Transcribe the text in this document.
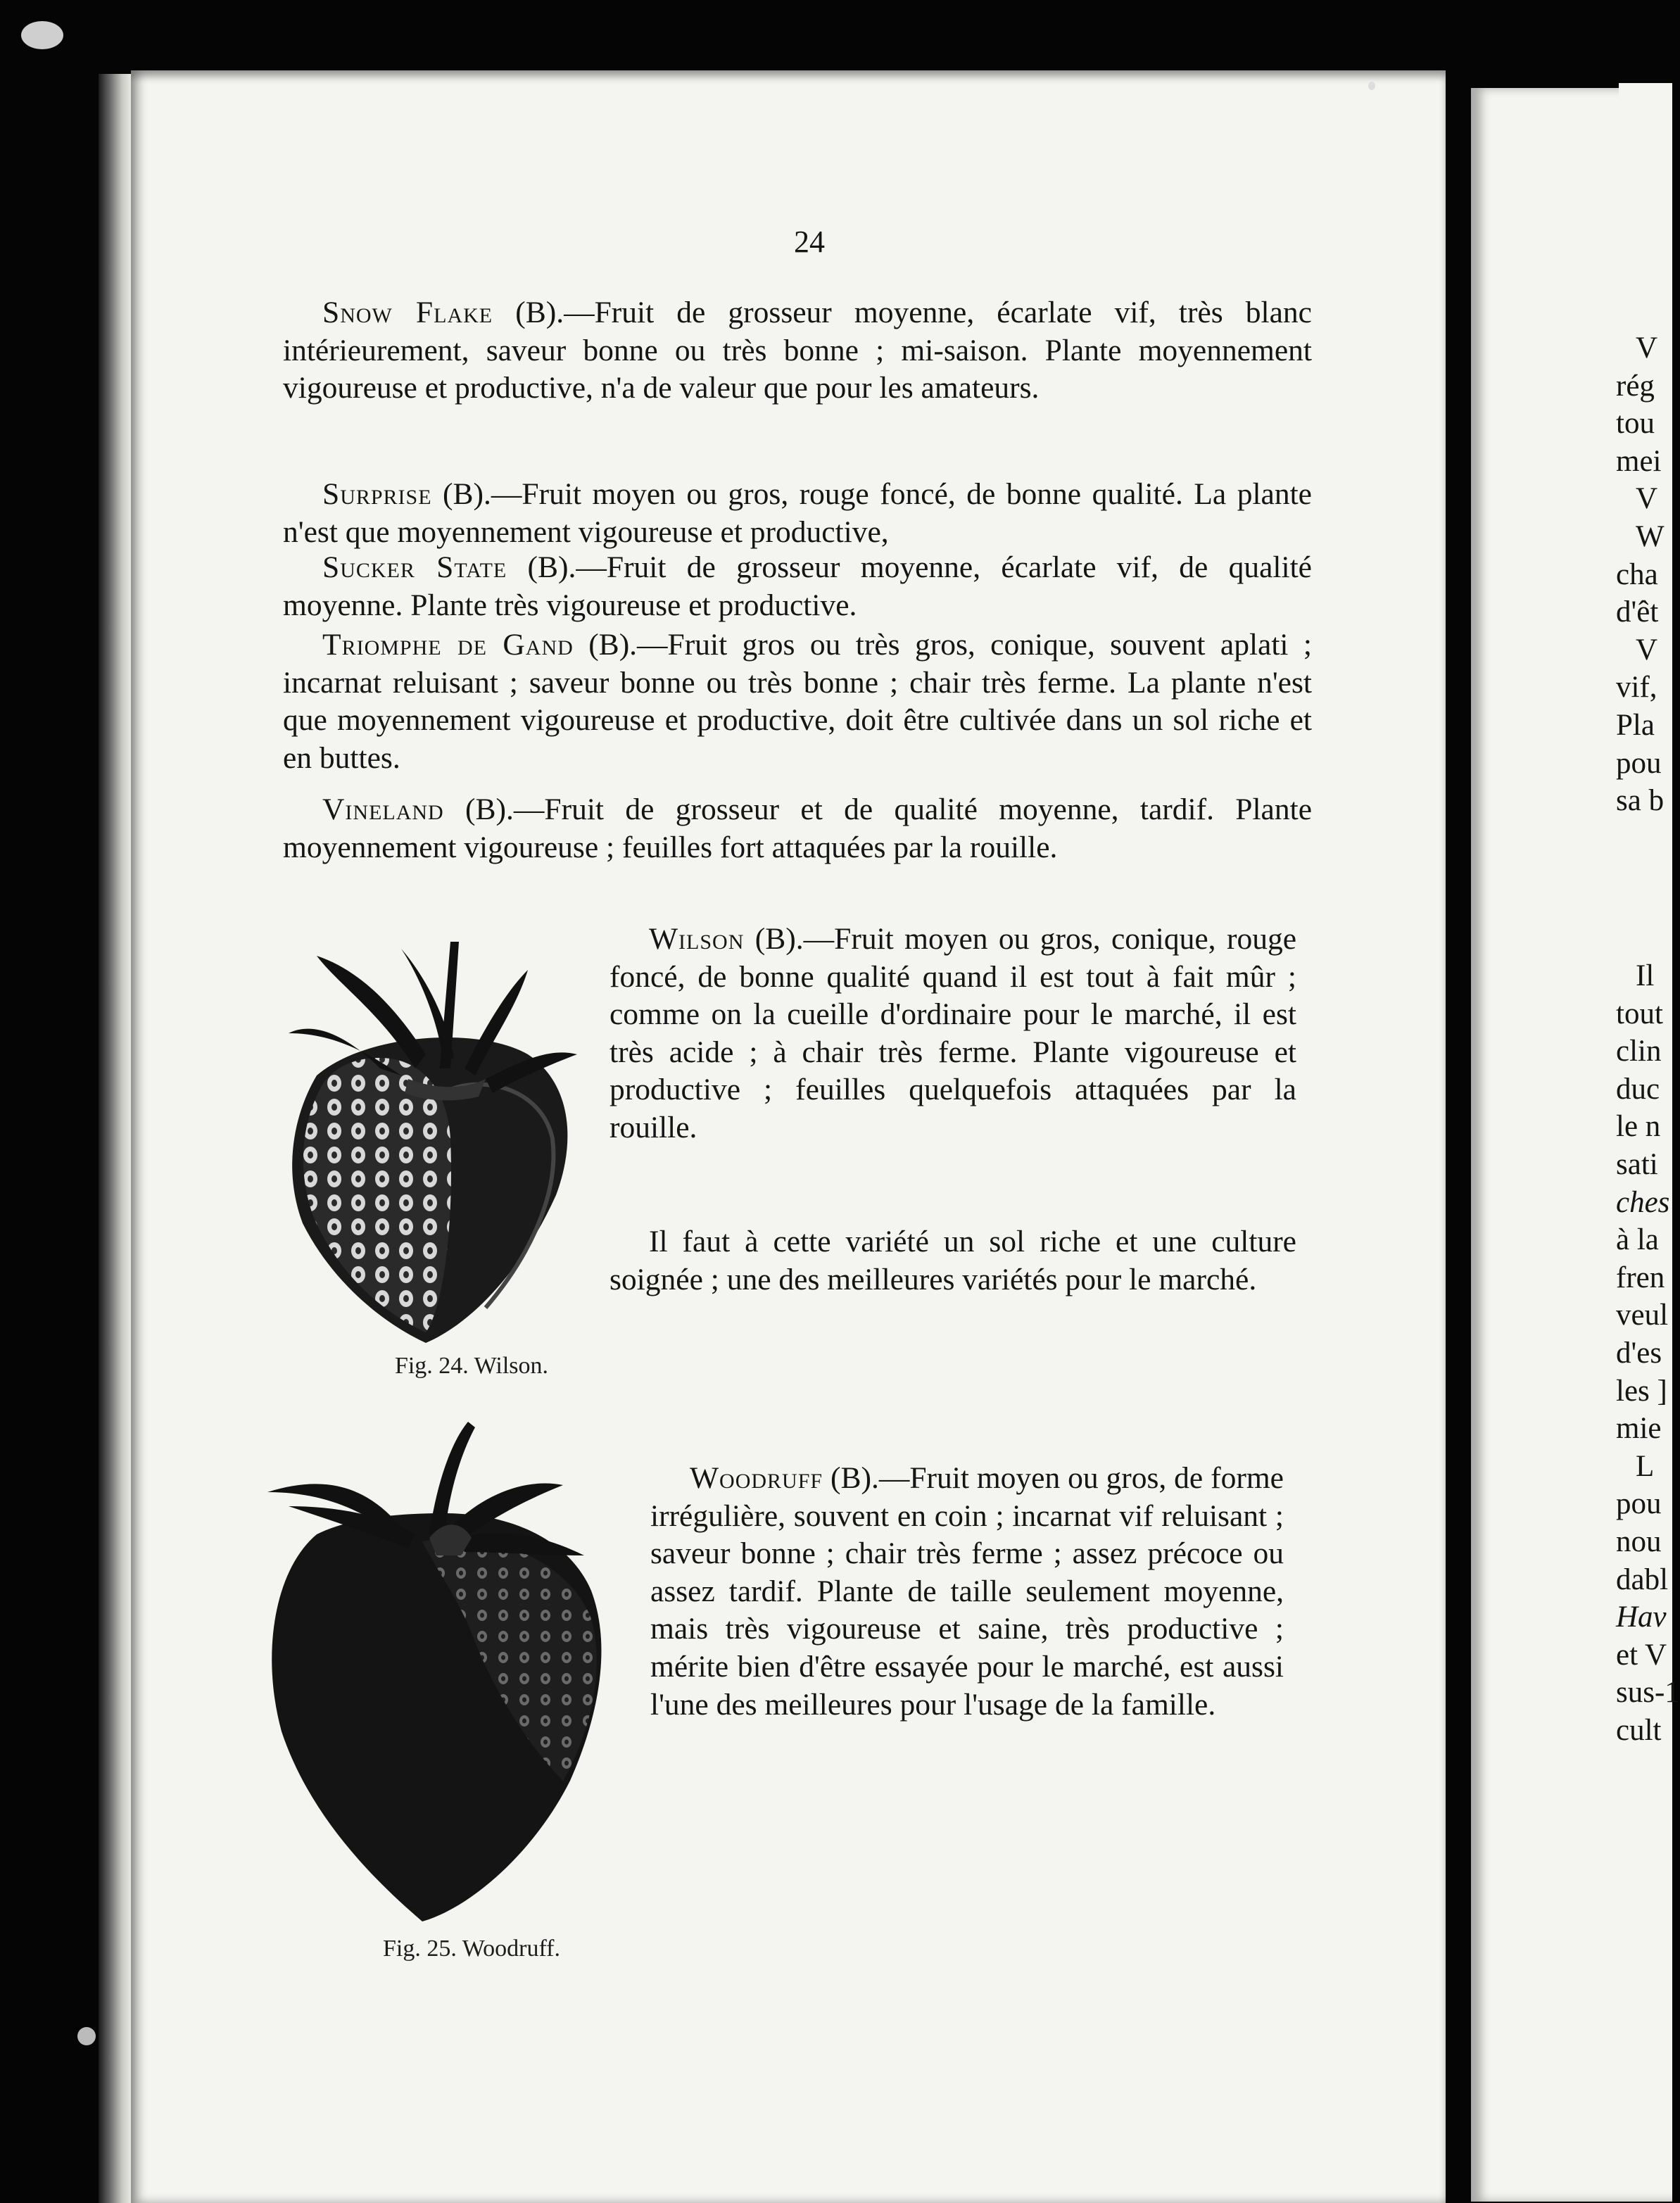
24

Snow Flake (B).—Fruit de grosseur moyenne, écarlate vif, très blanc intérieurement, saveur bonne ou très bonne ; mi-saison. Plante moyennement vigoureuse et productive, n'a de valeur que pour les amateurs.

Surprise (B).—Fruit moyen ou gros, rouge foncé, de bonne qualité. La plante n'est que moyennement vigoureuse et productive,

Sucker State (B).—Fruit de grosseur moyenne, écarlate vif, de qualité moyenne. Plante très vigoureuse et productive.

Triomphe de Gand (B).—Fruit gros ou très gros, conique, souvent aplati ; incarnat reluisant ; saveur bonne ou très bonne ; chair très ferme. La plante n'est que moyennement vigoureuse et productive, doit être cultivée dans un sol riche et en buttes.

Vineland (B).—Fruit de grosseur et de qualité moyenne, tardif. Plante moyennement vigoureuse ; feuilles fort attaquées par la rouille.

Fig. 24. Wilson.

Wilson (B).—Fruit moyen ou gros, conique, rouge foncé, de bonne qualité quand il est tout à fait mûr ; comme on la cueille d'ordinaire pour le marché, il est très acide ; à chair très ferme. Plante vigoureuse et productive ; feuilles quelquefois attaquées par la rouille.

Il faut à cette variété un sol riche et une culture soignée ; une des meilleures variétés pour le marché.

Fig. 25. Woodruff.

Woodruff (B).—Fruit moyen ou gros, de forme irrégulière, souvent en coin ; incarnat vif reluisant ; saveur bonne ; chair très ferme ; assez précoce ou assez tardif. Plante de taille seulement moyenne, mais très vigoureuse et saine, très productive ; mérite bien d'être essayée pour le marché, est aussi l'une des meilleures pour l'usage de la famille.

V
rég
tou
mei
V
W
cha
d'êt
V
vif,
Pla
pou
sa b
Il
tout
clin
duc
le n
sati
ches
à la
fren
veul
d'es
les ]
mie
L
pou
nou
dabl
Hav
et V
sus-1
cult
